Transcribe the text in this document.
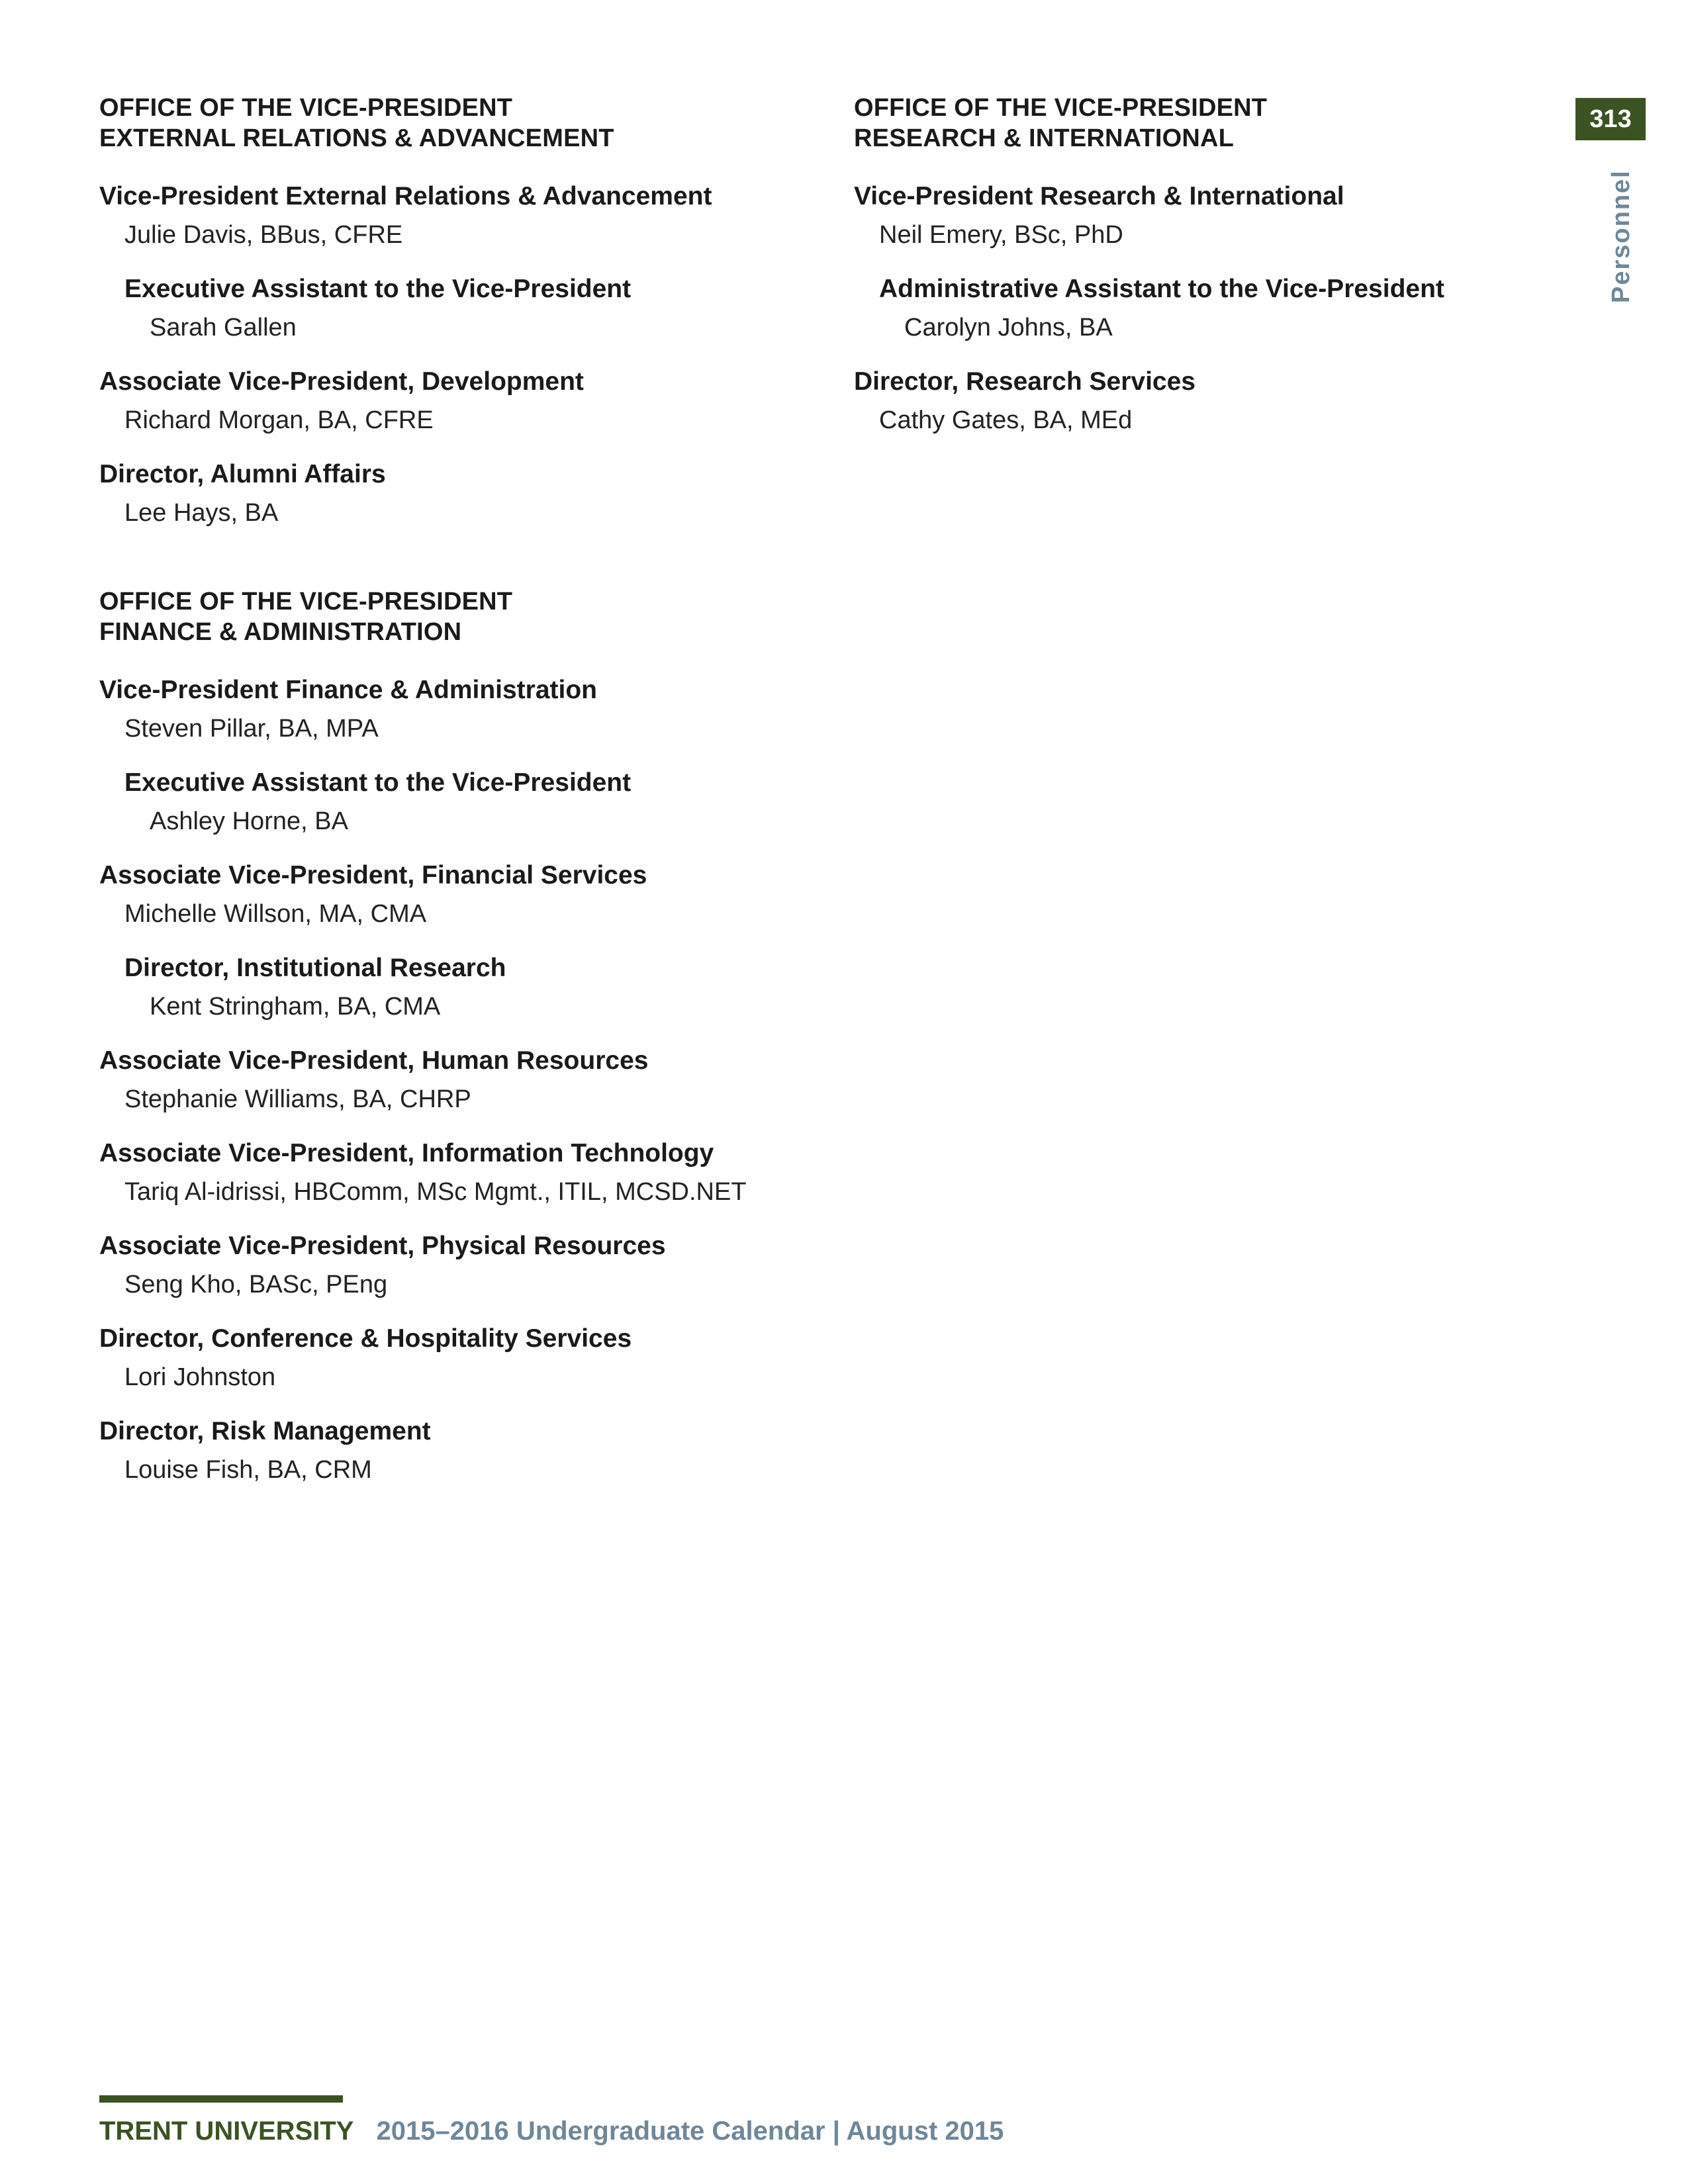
313
Personnel
OFFICE OF THE VICE-PRESIDENT
EXTERNAL RELATIONS & ADVANCEMENT
Vice-President External Relations & Advancement
Julie Davis, BBus, CFRE
Executive Assistant to the Vice-President
Sarah Gallen
Associate Vice-President, Development
Richard Morgan, BA, CFRE
Director, Alumni Affairs
Lee Hays, BA
OFFICE OF THE VICE-PRESIDENT
FINANCE & ADMINISTRATION
Vice-President Finance & Administration
Steven Pillar, BA, MPA
Executive Assistant to the Vice-President
Ashley Horne, BA
Associate Vice-President, Financial Services
Michelle Willson, MA, CMA
Director, Institutional Research
Kent Stringham, BA, CMA
Associate Vice-President, Human Resources
Stephanie Williams, BA, CHRP
Associate Vice-President, Information Technology
Tariq Al-idrissi, HBComm, MSc Mgmt., ITIL, MCSD.NET
Associate Vice-President, Physical Resources
Seng Kho, BASc, PEng
Director, Conference & Hospitality Services
Lori Johnston
Director, Risk Management
Louise Fish, BA, CRM
OFFICE OF THE VICE-PRESIDENT
RESEARCH & INTERNATIONAL
Vice-President Research & International
Neil Emery, BSc, PhD
Administrative Assistant to the Vice-President
Carolyn Johns, BA
Director, Research Services
Cathy Gates, BA, MEd
TRENT UNIVERSITY 2015–2016 Undergraduate Calendar | August 2015
